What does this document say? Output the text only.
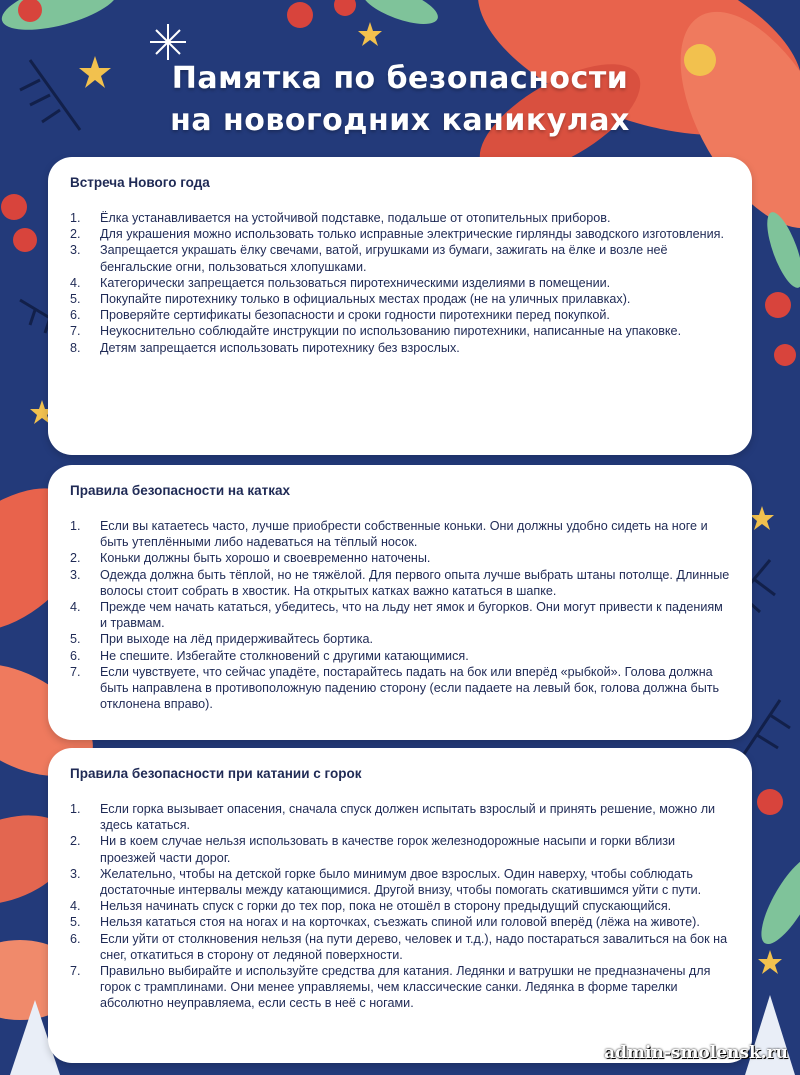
Памятка по безопасности
на новогодних каникулах
Встреча Нового года
1.	Ёлка устанавливается на устойчивой подставке, подальше от отопительных приборов.
2.	Для украшения можно использовать только исправные электрические гирлянды заводского изготовления.
3.	Запрещается украшать ёлку свечами, ватой, игрушками из бумаги, зажигать на ёлке и возле неё бенгальские огни, пользоваться хлопушками.
4.	Категорически запрещается пользоваться пиротехническими изделиями в помещении.
5.	Покупайте пиротехнику только в официальных местах продаж (не на уличных прилавках).
6.	Проверяйте сертификаты безопасности и сроки годности пиротехники перед покупкой.
7.	Неукоснительно соблюдайте инструкции по использованию пиротехники, написанные на упаковке.
8.	Детям запрещается использовать пиротехнику без взрослых.
Правила безопасности на катках
1.	Если вы катаетесь часто, лучше приобрести собственные коньки. Они должны удобно сидеть на ноге и быть утеплёнными либо надеваться на тёплый носок.
2.	Коньки должны быть хорошо и своевременно наточены.
3.	Одежда должна быть тёплой, но не тяжёлой. Для первого опыта лучше выбрать штаны потолще. Длинные волосы стоит собрать в хвостик. На открытых катках важно кататься в шапке.
4.	Прежде чем начать кататься, убедитесь, что на льду нет ямок и бугорков. Они могут привести к падениям и травмам.
5.	При выходе на лёд придерживайтесь бортика.
6.	Не спешите. Избегайте столкновений с другими катающимися.
7.	Если чувствуете, что сейчас упадёте, постарайтесь падать на бок или вперёд «рыбкой». Голова должна быть направлена в противоположную падению сторону (если падаете на левый бок, голова должна быть отклонена вправо).
Правила безопасности при катании с горок
1.	Если горка вызывает опасения, сначала спуск должен испытать взрослый и принять решение, можно ли здесь кататься.
2.	Ни в коем случае нельзя использовать в качестве горок железнодорожные насыпи и горки вблизи проезжей части дорог.
3.	Желательно, чтобы на детской горке было минимум двое взрослых. Один наверху, чтобы соблюдать достаточные интервалы между катающимися. Другой внизу, чтобы помогать скатившимся уйти с пути.
4.	Нельзя начинать спуск с горки до тех пор, пока не отошёл в сторону предыдущий спускающийся.
5.	Нельзя кататься стоя на ногах и на корточках, съезжать спиной или головой вперёд (лёжа на животе).
6.	Если уйти от столкновения нельзя (на пути дерево, человек и т.д.), надо постараться завалиться на бок на снег, откатиться в сторону от ледяной поверхности.
7.	Правильно выбирайте и используйте средства для катания. Ледянки и ватрушки не предназначены для горок с трамплинами. Они менее управляемы, чем классические санки. Ледянка в форме тарелки абсолютно неуправляема, если сесть в неё с ногами.
admin-smolensk.ru
